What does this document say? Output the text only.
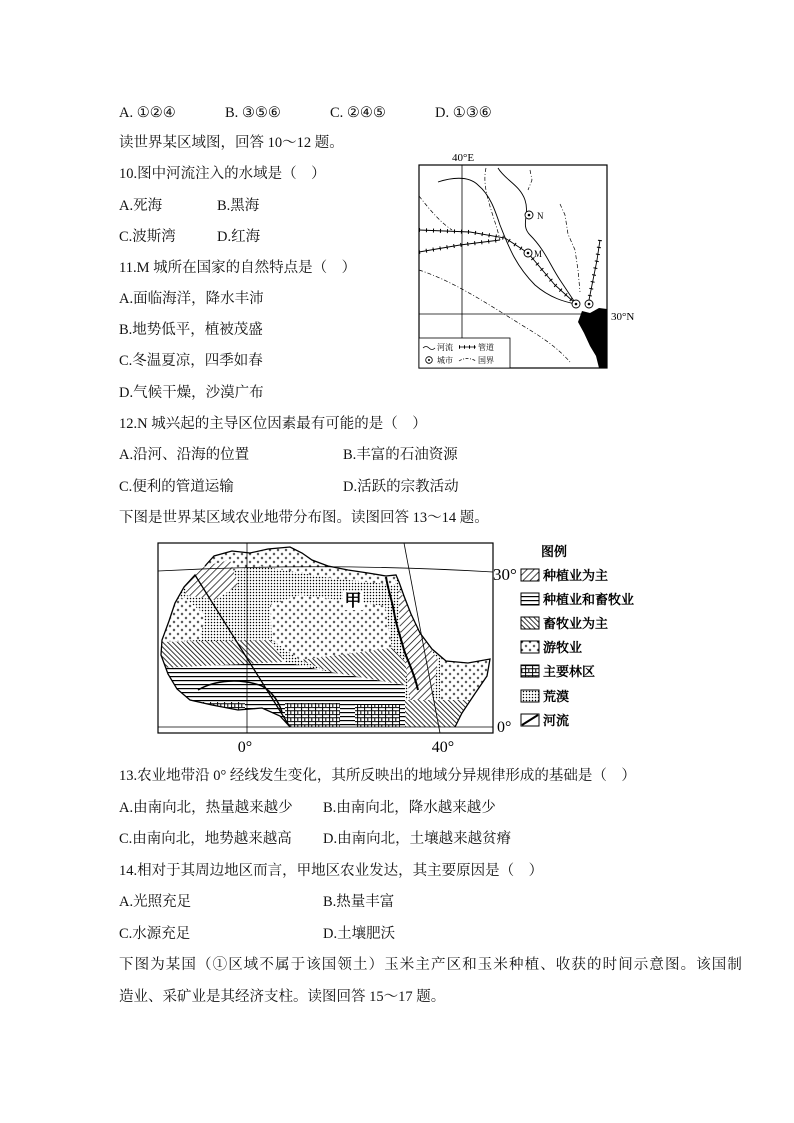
A. ①②④	B. ③⑤⑥	C. ②④⑤	D. ①③⑥
读世界某区域图，回答 10～12 题。
10.图中河流注入的水域是（    ）
A.死海	B.黑海
C.波斯湾	D.红海
11.M 城所在国家的自然特点是（    ）
A.面临海洋，降水丰沛
B.地势低平，植被茂盛
C.冬温夏凉，四季如春
D.气候干燥，沙漠广布
12.N 城兴起的主导区位因素最有可能的是（    ）
A.沿河、沿海的位置	B.丰富的石油资源
C.便利的管道运输	D.活跃的宗教活动
下图是世界某区域农业地带分布图。读图回答 13～14 题。
N
M
40°E
30°N
河流	管道
城市	国界
甲
30°
0°
0°	40°
图例
种植业为主
种植业和畜牧业
畜牧业为主
游牧业
主要林区
荒漠
河流
13.农业地带沿 0° 经线发生变化，其所反映出的地域分异规律形成的基础是（    ）
A.由南向北，热量越来越少 B.由南向北，降水越来越少
C.由南向北，地势越来越高 D.由南向北，土壤越来越贫瘠
14.相对于其周边地区而言，甲地区农业发达，其主要原因是（    ）
A.光照充足	B.热量丰富
C.水源充足	D.土壤肥沃
下图为某国（①区域不属于该国领土）玉米主产区和玉米种植、收获的时间示意图。该国制
造业、采矿业是其经济支柱。读图回答 15～17 题。
